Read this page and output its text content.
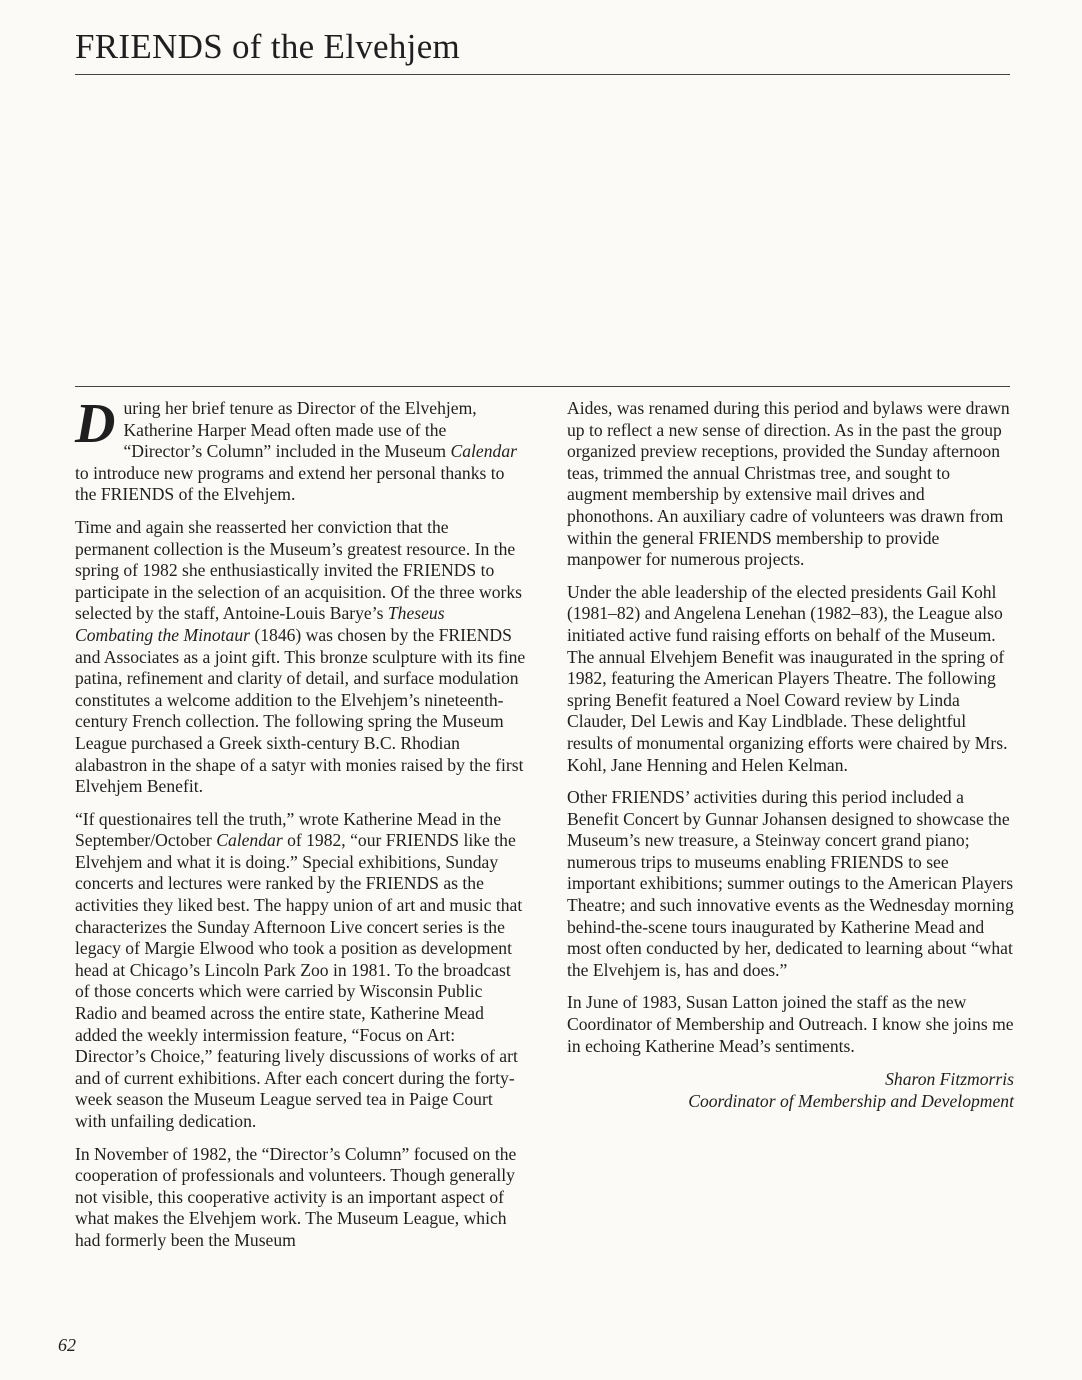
FRIENDS of the Elvehjem

During her brief tenure as Director of the Elvehjem, Katherine Harper Mead often made use of the “Director’s Column” included in the Museum Calendar to introduce new programs and extend her personal thanks to the FRIENDS of the Elvehjem.

Time and again she reasserted her conviction that the permanent collection is the Museum’s greatest resource. In the spring of 1982 she enthusiastically invited the FRIENDS to participate in the selection of an acquisition. Of the three works selected by the staff, Antoine-Louis Barye’s Theseus Combating the Minotaur (1846) was chosen by the FRIENDS and Associates as a joint gift. This bronze sculpture with its fine patina, refinement and clarity of detail, and surface modulation constitutes a welcome addition to the Elvehjem’s nineteenth-century French collection. The following spring the Museum League purchased a Greek sixth-century B.C. Rhodian alabastron in the shape of a satyr with monies raised by the first Elvehjem Benefit.

“If questionaires tell the truth,” wrote Katherine Mead in the September/October Calendar of 1982, “our FRIENDS like the Elvehjem and what it is doing.” Special exhibitions, Sunday concerts and lectures were ranked by the FRIENDS as the activities they liked best. The happy union of art and music that characterizes the Sunday Afternoon Live concert series is the legacy of Margie Elwood who took a position as development head at Chicago’s Lincoln Park Zoo in 1981. To the broadcast of those concerts which were carried by Wisconsin Public Radio and beamed across the entire state, Katherine Mead added the weekly intermission feature, “Focus on Art: Director’s Choice,” featuring lively discussions of works of art and of current exhibitions. After each concert during the forty-week season the Museum League served tea in Paige Court with unfailing dedication.

In November of 1982, the “Director’s Column” focused on the cooperation of professionals and volunteers. Though generally not visible, this cooperative activity is an important aspect of what makes the Elvehjem work. The Museum League, which had formerly been the Museum

Aides, was renamed during this period and bylaws were drawn up to reflect a new sense of direction. As in the past the group organized preview receptions, provided the Sunday afternoon teas, trimmed the annual Christmas tree, and sought to augment membership by extensive mail drives and phonothons. An auxiliary cadre of volunteers was drawn from within the general FRIENDS membership to provide manpower for numerous projects.

Under the able leadership of the elected presidents Gail Kohl (1981–82) and Angelena Lenehan (1982–83), the League also initiated active fund raising efforts on behalf of the Museum. The annual Elvehjem Benefit was inaugurated in the spring of 1982, featuring the American Players Theatre. The following spring Benefit featured a Noel Coward review by Linda Clauder, Del Lewis and Kay Lindblade. These delightful results of monumental organizing efforts were chaired by Mrs. Kohl, Jane Henning and Helen Kelman.

Other FRIENDS’ activities during this period included a Benefit Concert by Gunnar Johansen designed to showcase the Museum’s new treasure, a Steinway concert grand piano; numerous trips to museums enabling FRIENDS to see important exhibitions; summer outings to the American Players Theatre; and such innovative events as the Wednesday morning behind-the-scene tours inaugurated by Katherine Mead and most often conducted by her, dedicated to learning about “what the Elvehjem is, has and does.”

In June of 1983, Susan Latton joined the staff as the new Coordinator of Membership and Outreach. I know she joins me in echoing Katherine Mead’s sentiments.

Sharon Fitzmorris
Coordinator of Membership and Development
62
